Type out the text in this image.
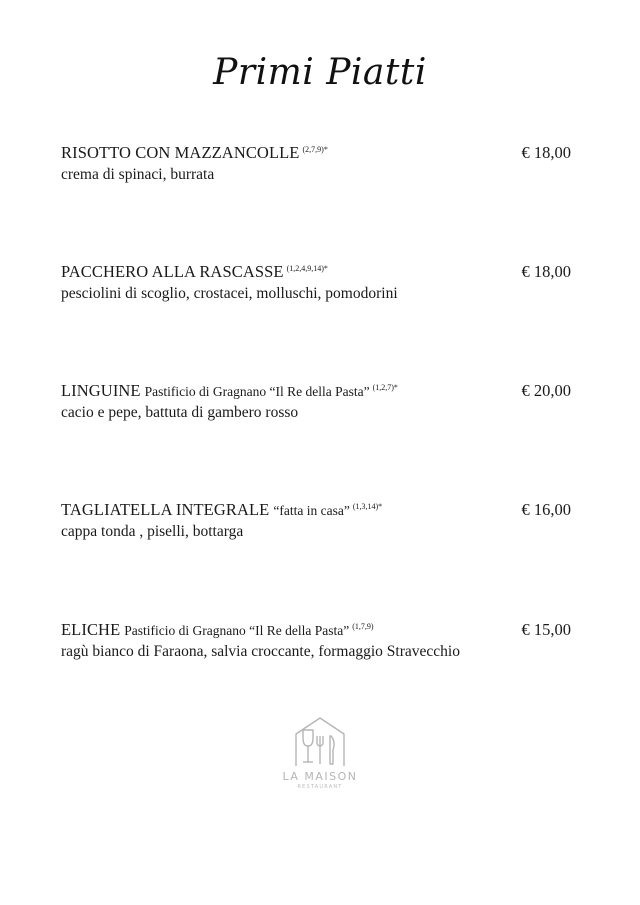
Primi Piatti
RISOTTO CON MAZZANCOLLE $^{(2,7,9)*}$	€ 18,00
crema di spinaci, burrata
PACCHERO ALLA RASCASSE $^{(1,2,4,9,14)*}$	€ 18,00
pesciolini di scoglio, crostacei, molluschi, pomodorini
LINGUINE Pastificio di Gragnano “Il Re della Pasta” $^{(1,2,7)*}$	€ 20,00
cacio e pepe, battuta di gambero rosso
TAGLIATELLA INTEGRALE “fatta in casa” $^{(1,3,14)*}$	€ 16,00
cappa tonda , piselli, bottarga
ELICHE Pastificio di Gragnano “Il Re della Pasta” $^{(1,7,9)}$	€ 15,00
ragù bianco di Faraona, salvia croccante, formaggio Stravecchio
LA MAISON
RESTAURANT
